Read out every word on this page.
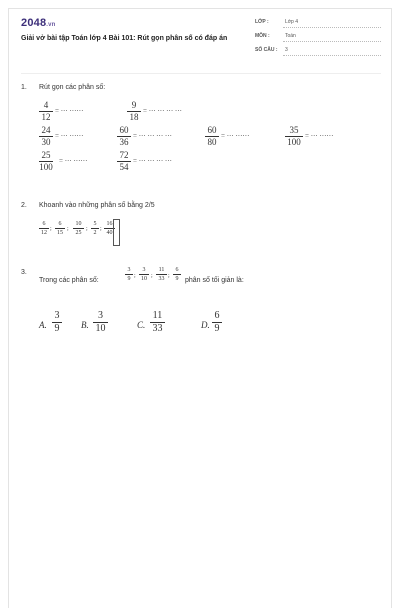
2048.vn
Giải vở bài tập Toán lớp 4 Bài 101: Rút gọn phân số có đáp án
LỚP :	Lớp 4
MÔN :	Toán
SỐ CÂU : 3
1. Rút gọn các phân số:
4
12
= ··· ······
9
18
= ··· ··· ··· ···
24
30
= ··· ······
60
36
= ··· ··· ··· ···
60
80
= ··· ······
35
100
= ··· ······
25
100
= ··· ······
72
54
= ··· ··· ··· ···
2. Khoanh vào những phân số bằng 2/5
6
12
;
6
15
;
10
25
;
5
2
;
16
40
3.
Trong các phân số:
3
9 ;
3
10 ;
11
33 ;
6
9 phân số tối giản là:
A.
3
9 B.
3
10	C.
11
33	D.
6
9
